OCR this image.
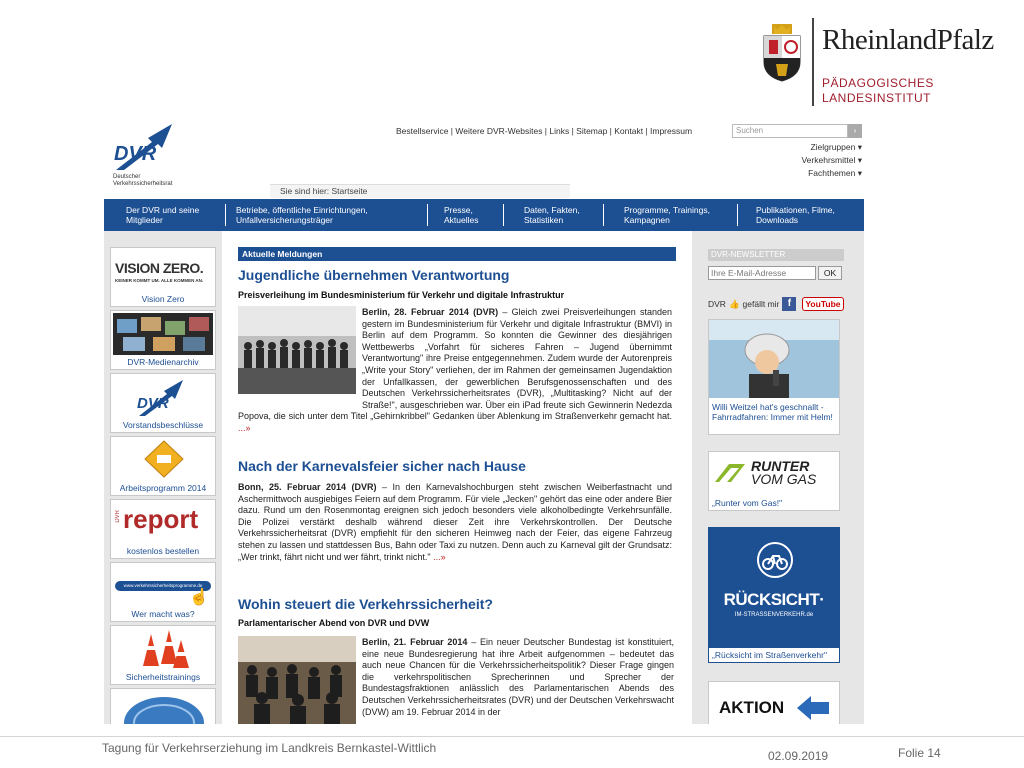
RheinlandPfalz
PÄDAGOGISCHES
LANDESINSTITUT
DVR
Deutscher
Verkehrssicherheitsrat
Bestellservice | Weitere DVR-Websites | Links | Sitemap | Kontakt | Impressum	Suchen	›
Zielgruppen ▾
Verkehrsmittel ▾
Fachthemen ▾
Sie sind hier: Startseite
Der DVR und seine
Mitglieder
Betriebe, öffentliche Einrichtungen,
Unfallversicherungsträger
Presse,
Aktuelles
Daten, Fakten,
Statistiken
Programme, Trainings,
Kampagnen
Publikationen, Filme,
Downloads
VISION ZERO.
KEINER KOMMT UM. ALLE KOMMEN AN.
Vision Zero
DVR-Medienarchiv
DVR
Vorstandsbeschlüsse
Arbeitsprogramm 2014
DVR report
kostenlos bestellen
www.verkehrssicherheitsprogramme.de
☝
Wer macht was?
Sicherheitstrainings
Aktuelle Meldungen
Jugendliche übernehmen Verantwortung
Preisverleihung im Bundesministerium für Verkehr und digitale Infrastruktur
Berlin, 28. Februar 2014 (DVR) – Gleich zwei Preisverleihungen standen gestern im Bundesministerium für Verkehr und digitale Infrastruktur (BMVI) in Berlin auf dem Programm. So konnten die Gewinner des diesjährigen Wettbewerbs „Vorfahrt für sicheres Fahren – Jugend übernimmt Verantwortung" ihre Preise entgegennehmen. Zudem wurde der Autorenpreis „Write your Story" verliehen, der im Rahmen der gemeinsamen Jugendaktion der Unfallkassen, der gewerblichen Berufsgenossenschaften und des Deutschen Verkehrssicherheitsrates (DVR), „Multitasking? Nicht auf der Straße!", ausgeschrieben war. Über ein iPad freute sich Gewinnerin Nedezda Popova, die sich unter dem Titel „Gehirnkribbel" Gedanken über Ablenkung im Straßenverkehr gemacht hat. ...»
Nach der Karnevalsfeier sicher nach Hause
Bonn, 25. Februar 2014 (DVR) – In den Karnevalshochburgen steht zwischen Weiberfastnacht und Aschermittwoch ausgiebiges Feiern auf dem Programm. Für viele „Jecken" gehört das eine oder andere Bier dazu. Rund um den Rosenmontag ereignen sich jedoch besonders viele alkoholbedingte Verkehrsunfälle. Die Polizei verstärkt deshalb während dieser Zeit ihre Verkehrskontrollen. Der Deutsche Verkehrssicherheitsrat (DVR) empfiehlt für den sicheren Heimweg nach der Feier, das eigene Fahrzeug stehen zu lassen und stattdessen Bus, Bahn oder Taxi zu nutzen. Denn auch zu Karneval gilt der Grundsatz: „Wer trinkt, fährt nicht und wer fährt, trinkt nicht." ...»
Wohin steuert die Verkehrssicherheit?
Parlamentarischer Abend von DVR und DVW
Berlin, 21. Februar 2014 – Ein neuer Deutscher Bundestag ist konstituiert, eine neue Bundesregierung hat ihre Arbeit aufgenommen – bedeutet das auch neue Chancen für die Verkehrssicherheitspolitik? Dieser Frage gingen die verkehrspolitischen Sprecherinnen und Sprecher der Bundestagsfraktionen anlässlich des Parlamentarischen Abends des Deutschen Verkehrssicherheitsrates (DVR) und der Deutschen Verkehrswacht (DVW) am 19. Februar 2014 in der
DVR-NEWSLETTER
Ihre E-Mail-Adresse	OK
DVR 👍 gefällt mir f	YouTube
Willi Weitzel hat's geschnallt - Fahrradfahren: Immer mit Helm!
RUNTER
VOM GAS
„Runter vom Gas!"
RÜCKSICHT·
IM-STRASSENVERKEHR.de
„Rücksicht im Straßenverkehr"
AKTION
Tagung für Verkehrserziehung im Landkreis Bernkastel-Wittlich
02.09.2019	Folie 14
